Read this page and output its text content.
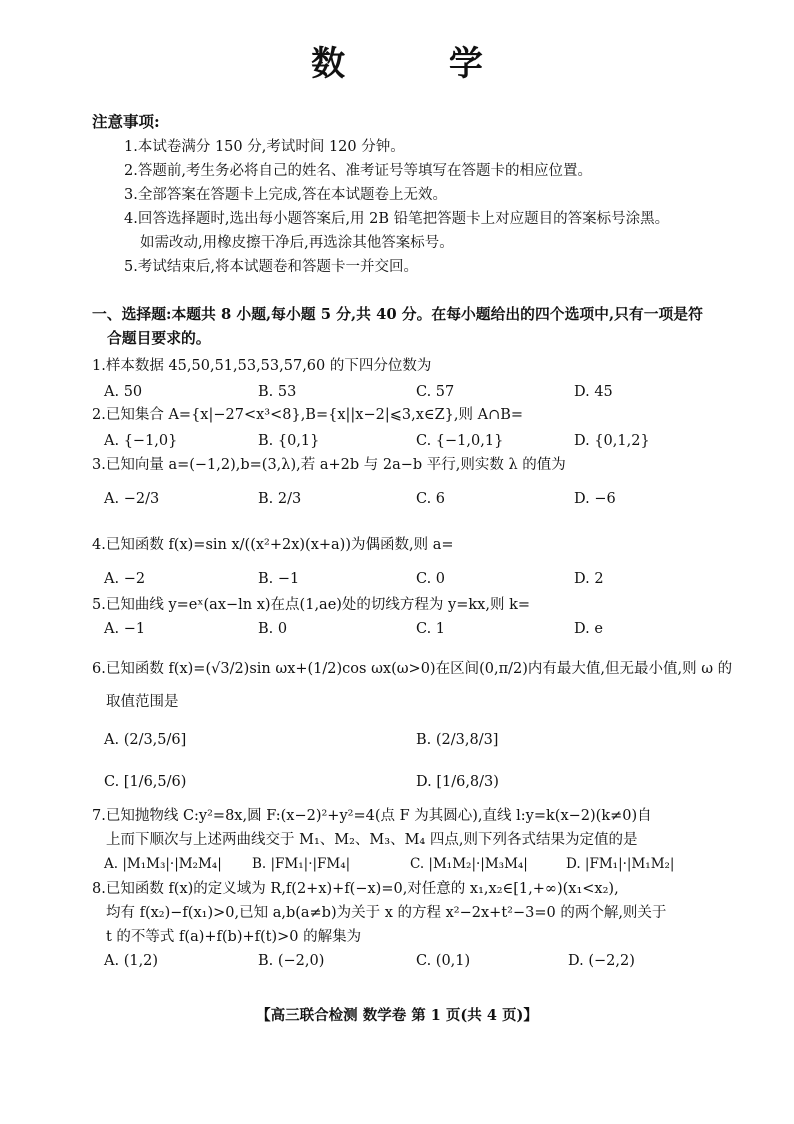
数 学
注意事项:
1.本试卷满分 150 分,考试时间 120 分钟。
2.答题前,考生务必将自己的姓名、准考证号等填写在答题卡的相应位置。
3.全部答案在答题卡上完成,答在本试题卷上无效。
4.回答选择题时,选出每小题答案后,用 2B 铅笔把答题卡上对应题目的答案标号涂黑。
如需改动,用橡皮擦干净后,再选涂其他答案标号。
5.考试结束后,将本试题卷和答题卡一并交回。
一、选择题:本题共 8 小题,每小题 5 分,共 40 分。在每小题给出的四个选项中,只有一项是符
合题目要求的。
1.样本数据 45,50,51,53,53,57,60 的下四分位数为
A. 50	B. 53	C. 57	D. 45
2.已知集合 A={x|−27<x³<8},B={x||x−2|⩽3,x∈Z},则 A∩B=
A. {−1,0}	B. {0,1}	C. {−1,0,1}	D. {0,1,2}
3.已知向量 a=(−1,2),b=(3,λ),若 a+2b 与 2a−b 平行,则实数 λ 的值为
A. −2/3	B. 2/3	C. 6	D. −6
4.已知函数 f(x)=sin x/((x²+2x)(x+a))为偶函数,则 a=
A. −2	B. −1	C. 0	D. 2
5.已知曲线 y=eˣ(ax−ln x)在点(1,ae)处的切线方程为 y=kx,则 k=
A. −1	B. 0	C. 1	D. e
6.已知函数 f(x)=(√3/2)sin ωx+(1/2)cos ωx(ω>0)在区间(0,π/2)内有最大值,但无最小值,则 ω 的
取值范围是
A. (2/3,5/6]	B. (2/3,8/3]
C. [1/6,5/6)	D. [1/6,8/3)
7.已知抛物线 C:y²=8x,圆 F:(x−2)²+y²=4(点 F 为其圆心),直线 l:y=k(x−2)(k≠0)自
上而下顺次与上述两曲线交于 M₁、M₂、M₃、M₄ 四点,则下列各式结果为定值的是
A. |M₁M₃|·|M₂M₄| B. |FM₁|·|FM₄|	C. |M₁M₂|·|M₃M₄|	D. |FM₁|·|M₁M₂|
8.已知函数 f(x)的定义域为 R,f(2+x)+f(−x)=0,对任意的 x₁,x₂∈[1,+∞)(x₁<x₂),
均有 f(x₂)−f(x₁)>0,已知 a,b(a≠b)为关于 x 的方程 x²−2x+t²−3=0 的两个解,则关于
t 的不等式 f(a)+f(b)+f(t)>0 的解集为
A. (1,2)	B. (−2,0)	C. (0,1)	D. (−2,2)
【高三联合检测 数学卷 第 1 页(共 4 页)】
